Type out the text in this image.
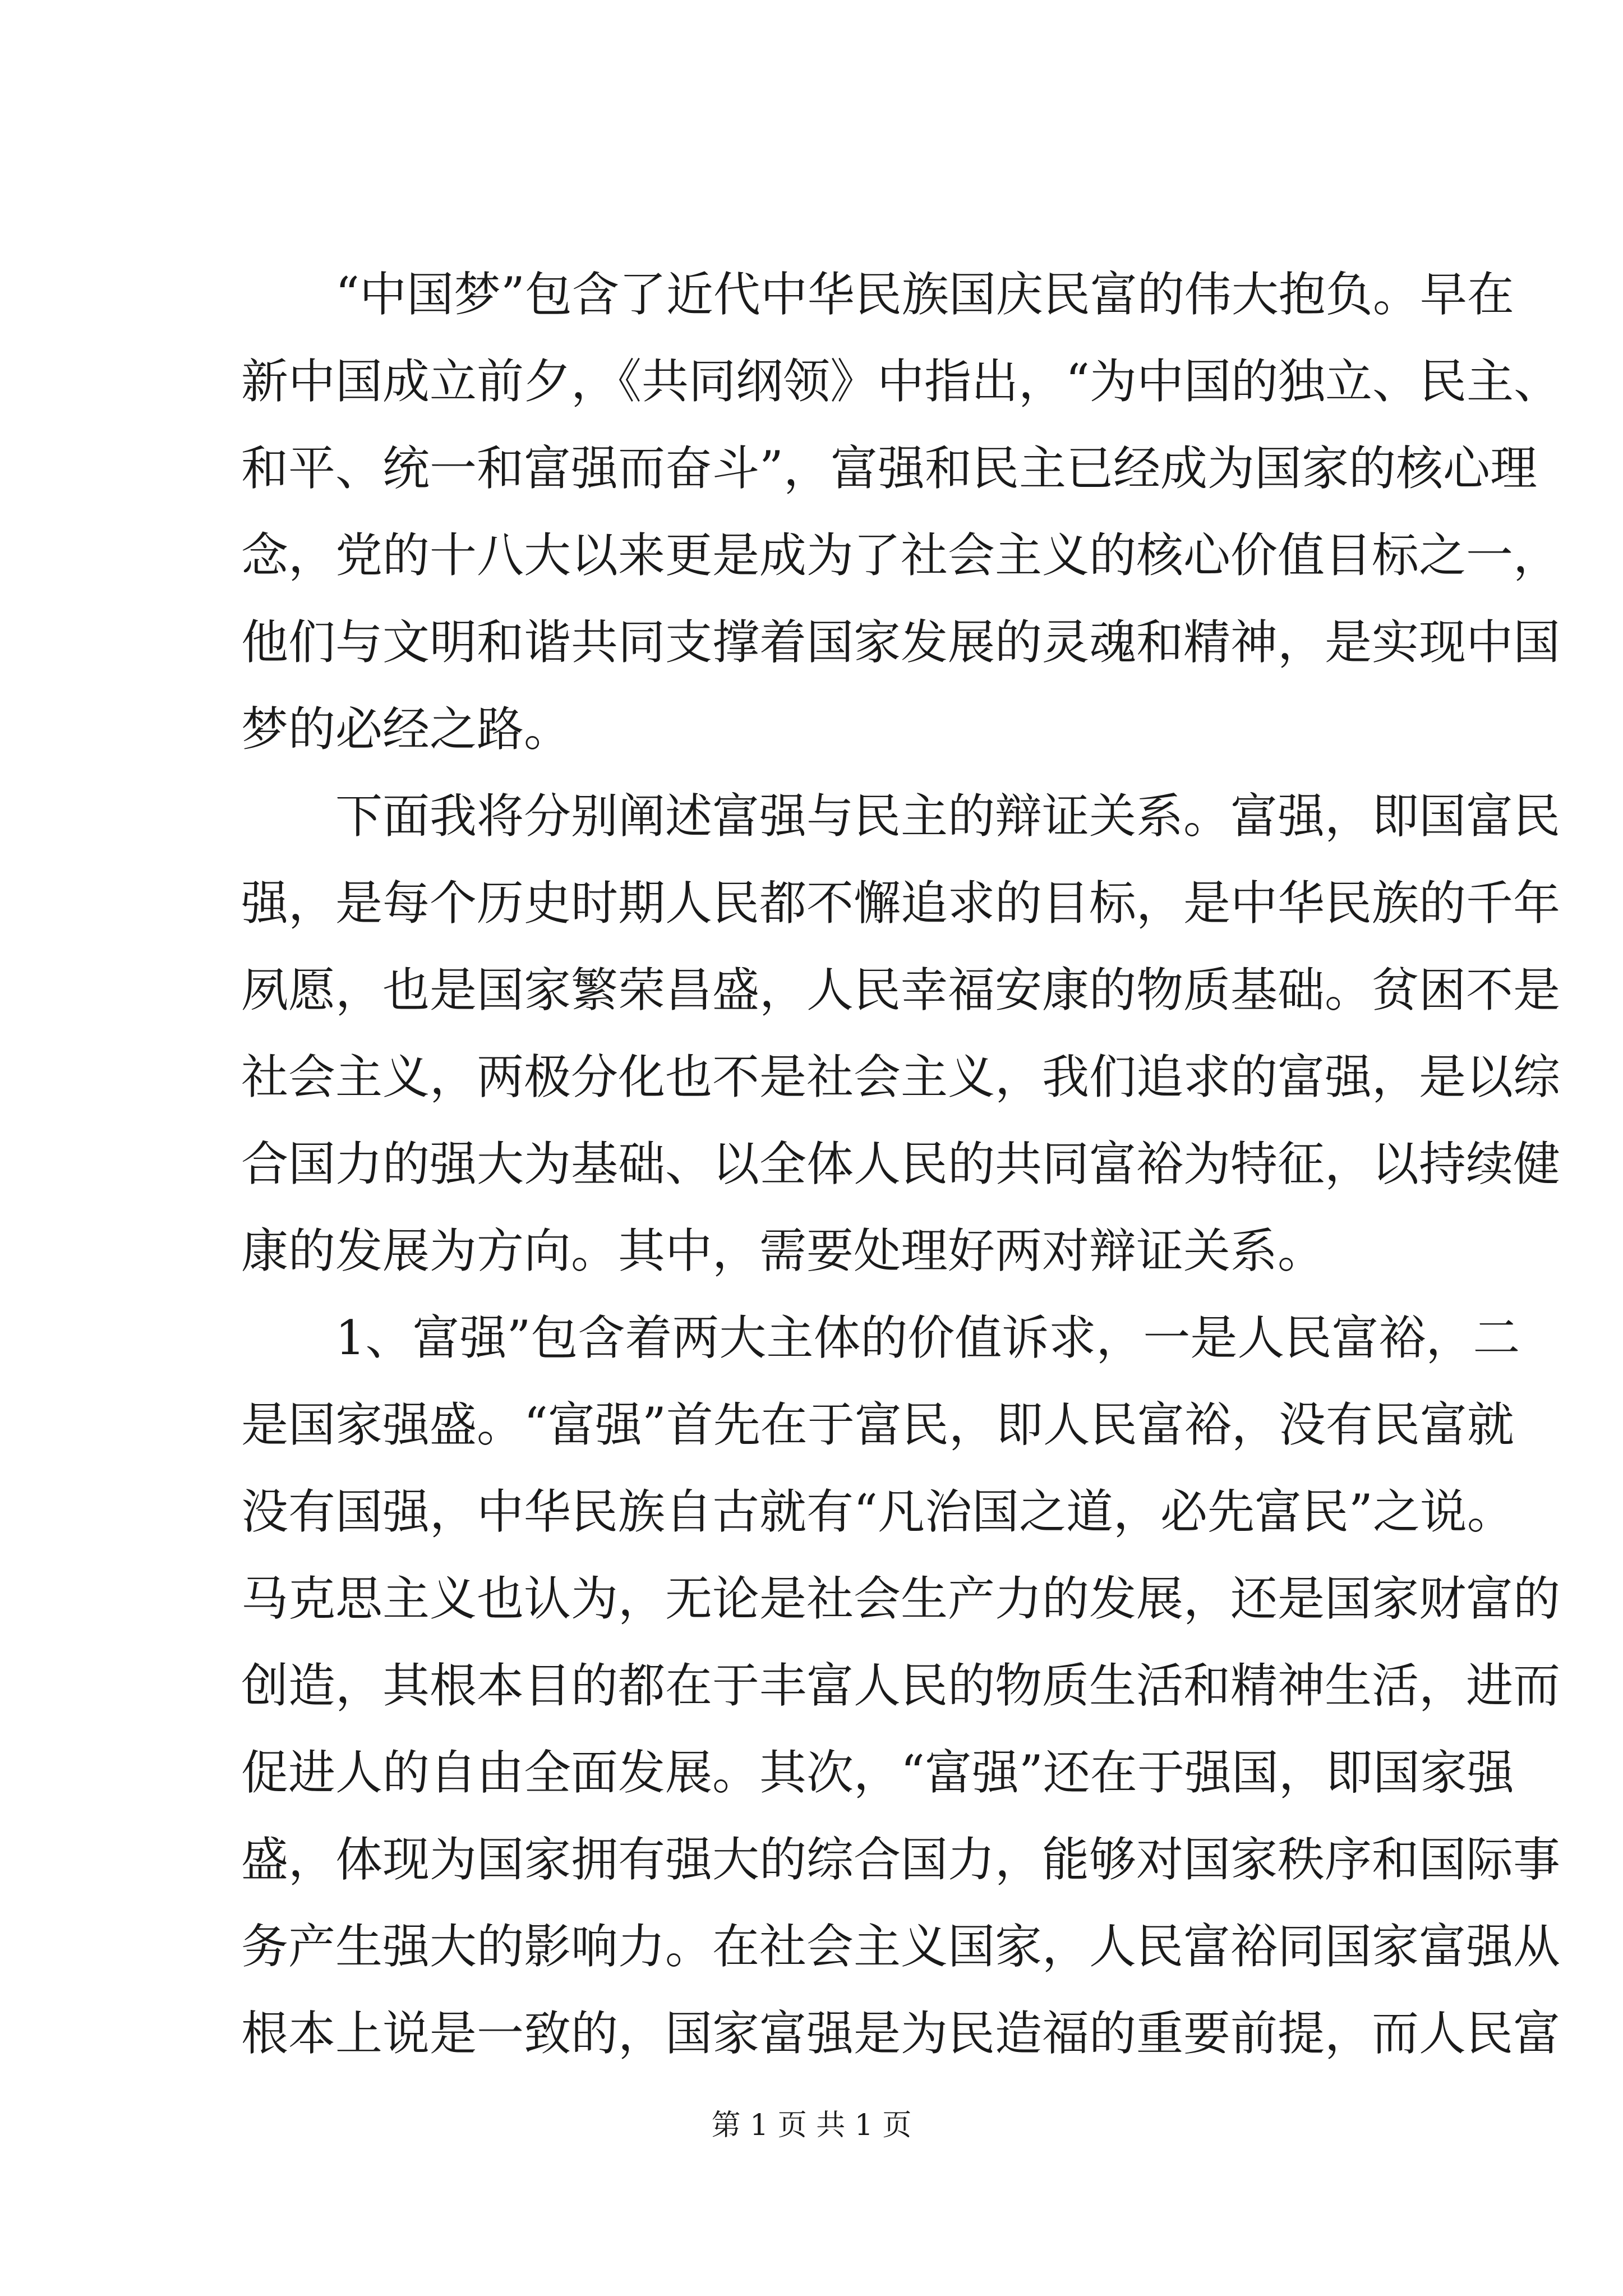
“中国梦”包含了近代中华民族国庆民富的伟大抱负。早在
新中国成立前夕，《共同纲领》中指出，“为中国的独立、民主、
和平、统一和富强而奋斗”，富强和民主已经成为国家的核心理
念，党的十八大以来更是成为了社会主义的核心价值目标之一，
他们与文明和谐共同支撑着国家发展的灵魂和精神，是实现中国
梦的必经之路。
下面我将分别阐述富强与民主的辩证关系。富强，即国富民
强，是每个历史时期人民都不懈追求的目标，是中华民族的千年
夙愿，也是国家繁荣昌盛，人民幸福安康的物质基础。贫困不是
社会主义，两极分化也不是社会主义，我们追求的富强，是以综
合国力的强大为基础、以全体人民的共同富裕为特征，以持续健
康的发展为方向。其中，需要处理好两对辩证关系。
1、富强”包含着两大主体的价值诉求，一是人民富裕，二
是国家强盛。“富强”首先在于富民，即人民富裕，没有民富就
没有国强，中华民族自古就有“凡治国之道，必先富民”之说。
马克思主义也认为，无论是社会生产力的发展，还是国家财富的
创造，其根本目的都在于丰富人民的物质生活和精神生活，进而
促进人的自由全面发展。其次，“富强”还在于强国，即国家强
盛，体现为国家拥有强大的综合国力，能够对国家秩序和国际事
务产生强大的影响力。在社会主义国家，人民富裕同国家富强从
根本上说是一致的，国家富强是为民造福的重要前提，而人民富
第 1 页 共 1 页
